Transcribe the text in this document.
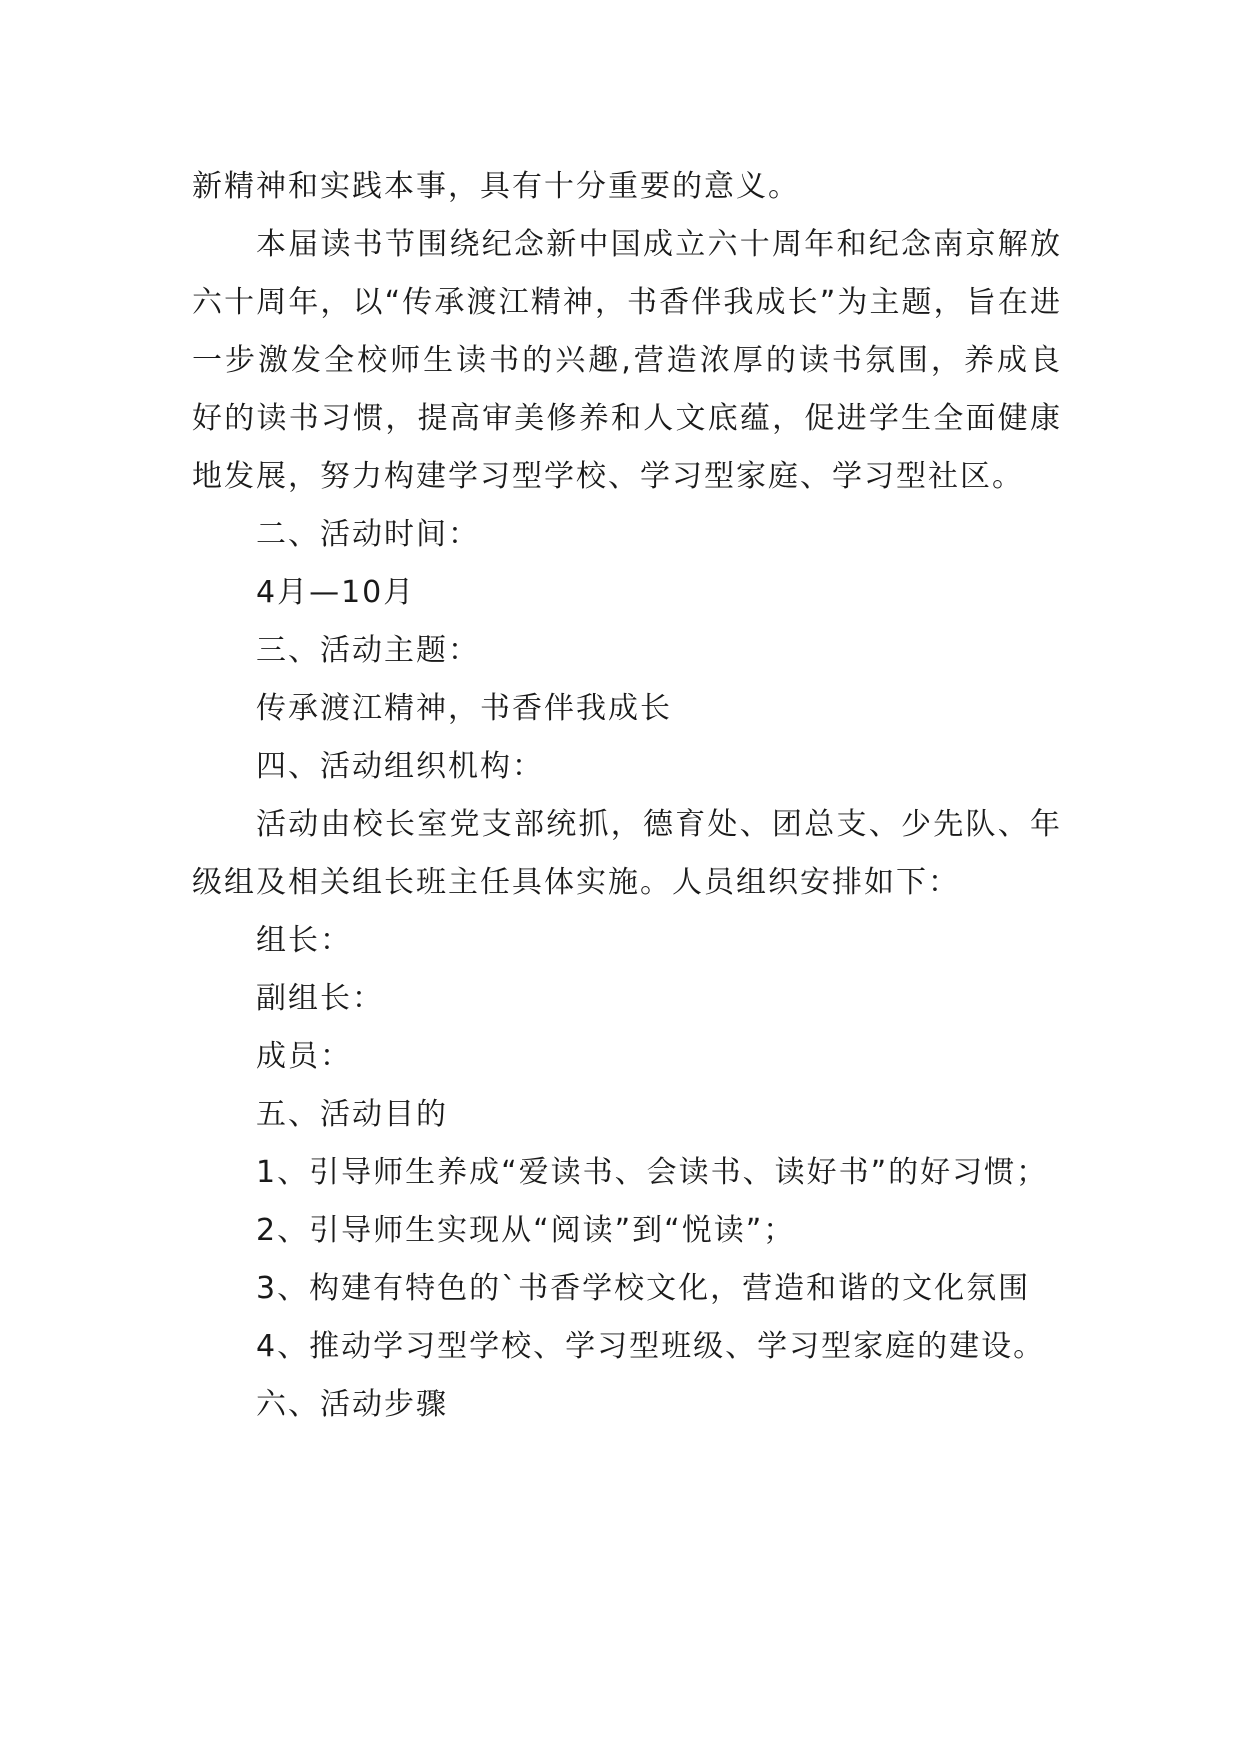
新精神和实践本事，具有十分重要的意义。

本届读书节围绕纪念新中国成立六十周年和纪念南京解放六十周年，以“传承渡江精神，书香伴我成长”为主题，旨在进一步激发全校师生读书的兴趣,营造浓厚的读书氛围，养成良好的读书习惯，提高审美修养和人文底蕴，促进学生全面健康地发展，努力构建学习型学校、学习型家庭、学习型社区。

二、活动时间：

4月—10月

三、活动主题：

传承渡江精神，书香伴我成长

四、活动组织机构：

活动由校长室党支部统抓，德育处、团总支、少先队、年级组及相关组长班主任具体实施。人员组织安排如下：

组长：

副组长：

成员：

五、活动目的

1、引导师生养成“爱读书、会读书、读好书”的好习惯；

2、引导师生实现从“阅读”到“悦读”；

3、构建有特色的`书香学校文化，营造和谐的文化氛围

4、推动学习型学校、学习型班级、学习型家庭的建设。

六、活动步骤
